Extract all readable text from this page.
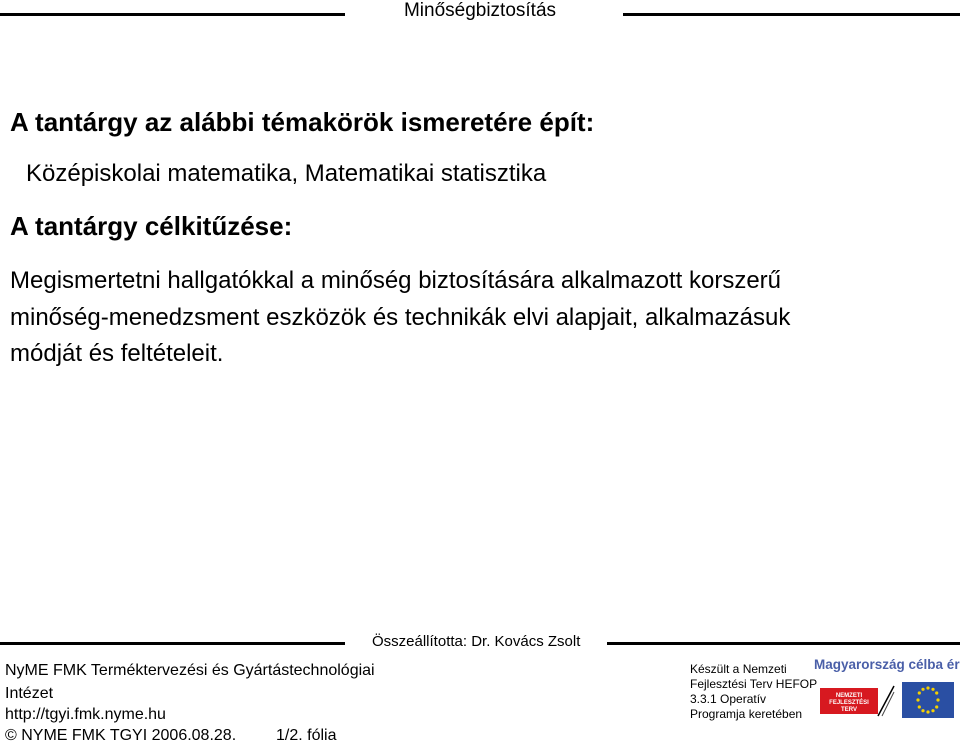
Minőségbiztosítás
A tantárgy az alábbi témakörök ismeretére épít:
Középiskolai matematika, Matematikai statisztika
A tantárgy célkitűzése:
Megismertetni hallgatókkal a minőség biztosítására alkalmazott korszerű
minőség-menedzsment eszközök és technikák elvi alapjait, alkalmazásuk
módját és feltételeit.
Összeállította: Dr. Kovács Zsolt
NyME FMK Terméktervezési és Gyártástechnológiai
Intézet
http://tgyi.fmk.nyme.hu
© NYME FMK TGYI 2006.08.28. 1/2. fólia
Készült a Nemzeti
Fejlesztési Terv HEFOP
3.3.1 Operatív
Programja keretében
Magyarország célba ér
NEMZETI
FEJLESZTÉSI
TERV
